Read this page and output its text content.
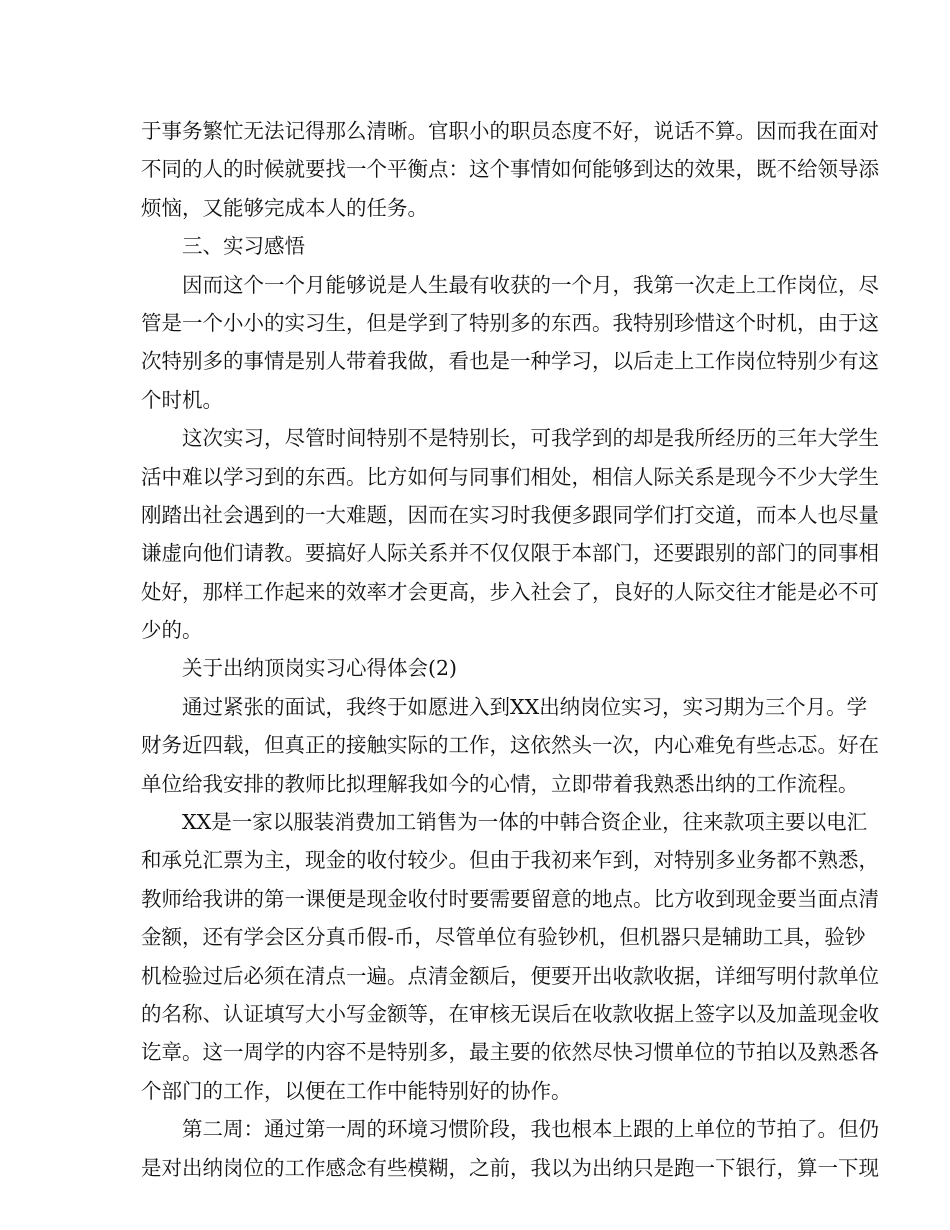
于事务繁忙无法记得那么清晰。官职小的职员态度不好，说话不算。因而我在面对
不同的人的时候就要找一个平衡点：这个事情如何能够到达的效果，既不给领导添
烦恼，又能够完成本人的任务。
三、实习感悟
因而这个一个月能够说是人生最有收获的一个月，我第一次走上工作岗位，尽
管是一个小小的实习生，但是学到了特别多的东西。我特别珍惜这个时机，由于这
次特别多的事情是别人带着我做，看也是一种学习，以后走上工作岗位特别少有这
个时机。
这次实习，尽管时间特别不是特别长，可我学到的却是我所经历的三年大学生
活中难以学习到的东西。比方如何与同事们相处，相信人际关系是现今不少大学生
刚踏出社会遇到的一大难题，因而在实习时我便多跟同学们打交道，而本人也尽量
谦虚向他们请教。要搞好人际关系并不仅仅限于本部门，还要跟别的部门的同事相
处好，那样工作起来的效率才会更高，步入社会了，良好的人际交往才能是必不可
少的。
关于出纳顶岗实习心得体会(2)
通过紧张的面试，我终于如愿进入到XX出纳岗位实习，实习期为三个月。学
财务近四载，但真正的接触实际的工作，这依然头一次，内心难免有些忐忑。好在
单位给我安排的教师比拟理解我如今的心情，立即带着我熟悉出纳的工作流程。
XX是一家以服装消费加工销售为一体的中韩合资企业，往来款项主要以电汇
和承兑汇票为主，现金的收付较少。但由于我初来乍到，对特别多业务都不熟悉，
教师给我讲的第一课便是现金收付时要需要留意的地点。比方收到现金要当面点清
金额，还有学会区分真币假-币，尽管单位有验钞机，但机器只是辅助工具，验钞
机检验过后必须在清点一遍。点清金额后，便要开出收款收据，详细写明付款单位
的名称、认证填写大小写金额等，在审核无误后在收款收据上签字以及加盖现金收
讫章。这一周学的内容不是特别多，最主要的依然尽快习惯单位的节拍以及熟悉各
个部门的工作，以便在工作中能特别好的协作。
第二周：通过第一周的环境习惯阶段，我也根本上跟的上单位的节拍了。但仍
是对出纳岗位的工作感念有些模糊，之前，我以为出纳只是跑一下银行，算一下现
